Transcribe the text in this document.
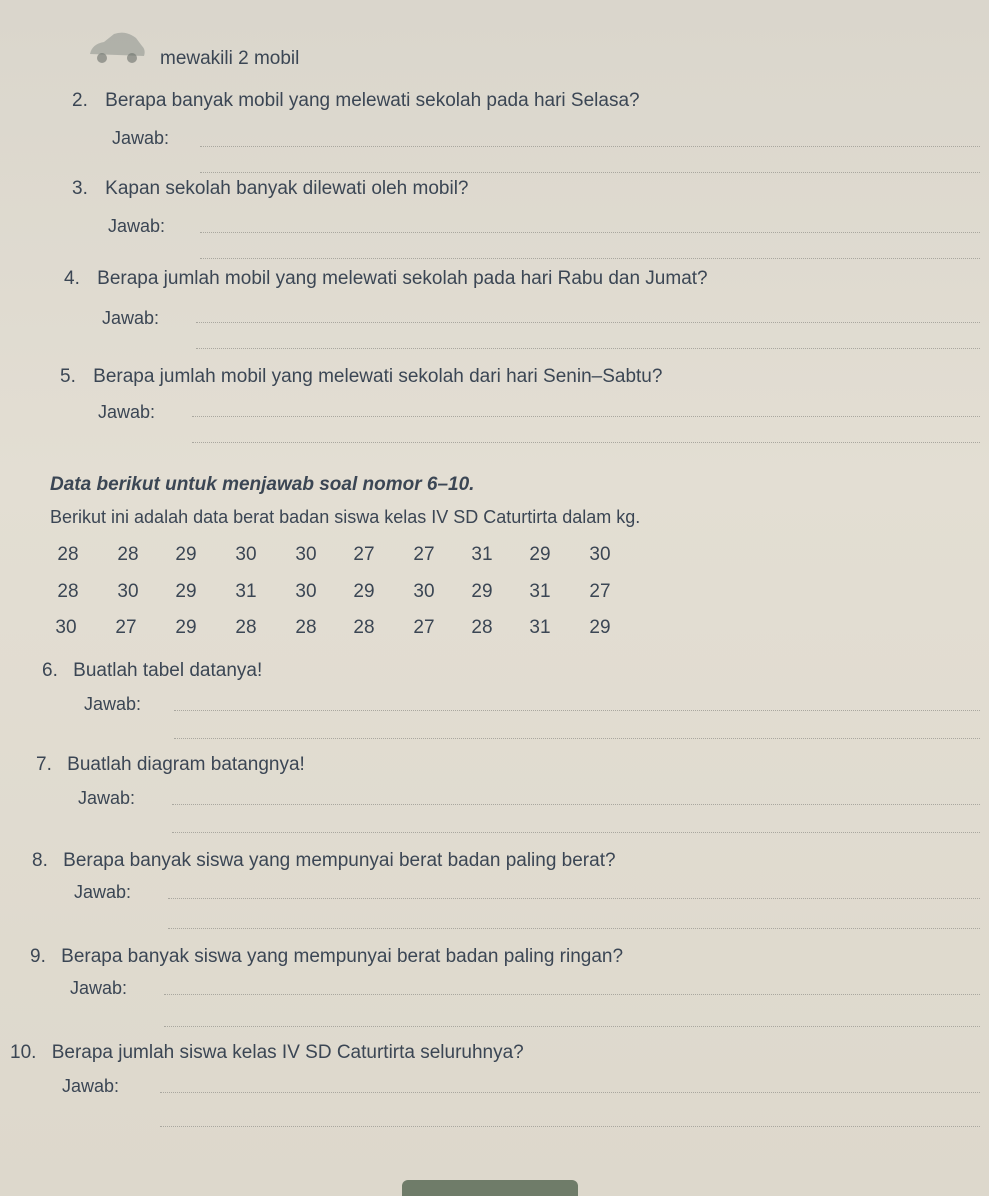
mewakili 2 mobil
2. Berapa banyak mobil yang melewati sekolah pada hari Selasa?
Jawab:
3. Kapan sekolah banyak dilewati oleh mobil?
Jawab:
4. Berapa jumlah mobil yang melewati sekolah pada hari Rabu dan Jumat?
Jawab:
5. Berapa jumlah mobil yang melewati sekolah dari hari Senin–Sabtu?
Jawab:
Data berikut untuk menjawab soal nomor 6–10.
Berikut ini adalah data berat badan siswa kelas IV SD Caturtirta dalam kg.
28	28	29	30	30	27	27	31	29	30
28	30	29	31	30	29	30	29	31	27
30	27	29	28	28	28	27	28	31	29
6. Buatlah tabel datanya!
Jawab:
7. Buatlah diagram batangnya!
Jawab:
8. Berapa banyak siswa yang mempunyai berat badan paling berat?
Jawab:
9. Berapa banyak siswa yang mempunyai berat badan paling ringan?
Jawab:
10. Berapa jumlah siswa kelas IV SD Caturtirta seluruhnya?
Jawab:
